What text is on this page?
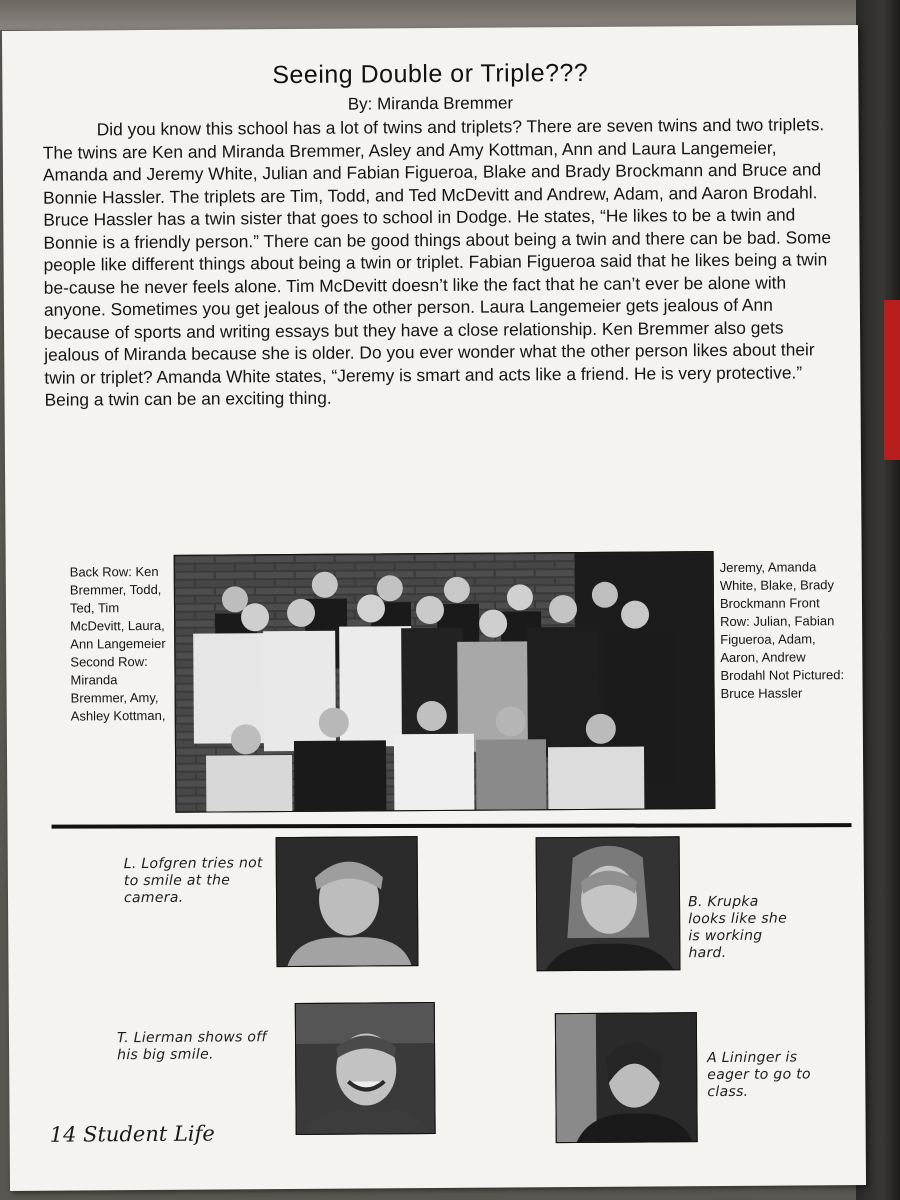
Seeing Double or Triple???
By: Miranda Bremmer

Did you know this school has a lot of twins and triplets? There are seven twins and two triplets. The twins are Ken and Miranda Bremmer, Asley and Amy Kottman, Ann and Laura Langemeier, Amanda and Jeremy White, Julian and Fabian Figueroa, Blake and Brady Brockmann and Bruce and Bonnie Hassler. The triplets are Tim, Todd, and Ted McDevitt and Andrew, Adam, and Aaron Brodahl. Bruce Hassler has a twin sister that goes to school in Dodge. He states, “He likes to be a twin and Bonnie is a friendly person.” There can be good things about being a twin and there can be bad. Some people like different things about being a twin or triplet. Fabian Figueroa said that he likes being a twin be-cause he never feels alone. Tim McDevitt doesn’t like the fact that he can’t ever be alone with anyone. Sometimes you get jealous of the other person. Laura Langemeier gets jealous of Ann because of sports and writing essays but they have a close relationship. Ken Bremmer also gets jealous of Miranda because she is older. Do you ever wonder what the other person likes about their twin or triplet? Amanda White states, “Jeremy is smart and acts like a friend. He is very protective.” Being a twin can be an exciting thing.

Back Row: Ken Bremmer, Todd, Ted, Tim McDevitt, Laura, Ann Langemeier Second Row: Miranda Bremmer, Amy, Ashley Kottman,
Jeremy, Amanda White, Blake, Brady Brockmann Front Row: Julian, Fabian Figueroa, Adam, Aaron, Andrew Brodahl Not Pictured: Bruce Hassler
L. Lofgren tries not to smile at the camera.	B. Krupka looks like she is working hard.
T. Lierman shows off his big smile.	A Lininger is eager to go to class.
14 Student Life
